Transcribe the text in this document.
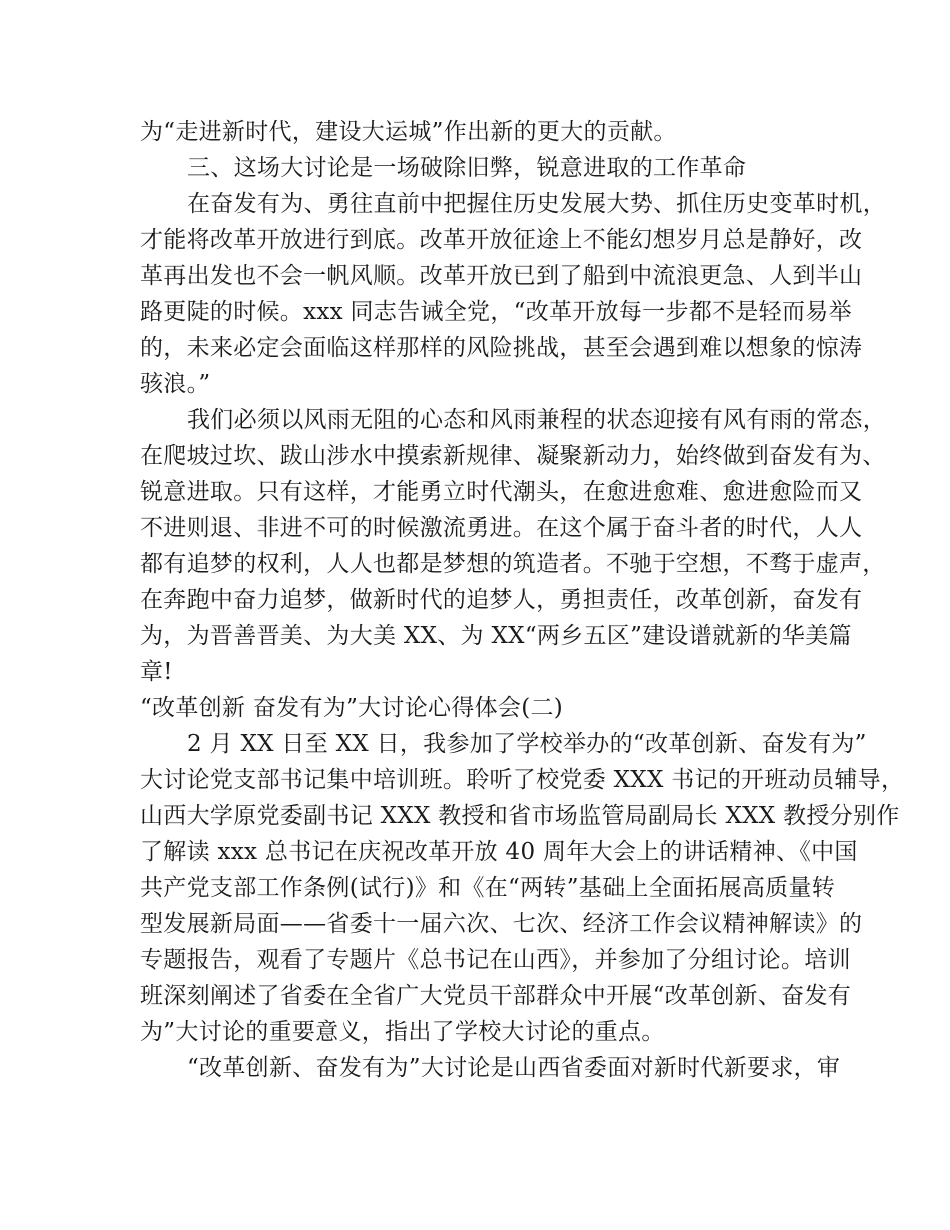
为“走进新时代，建设大运城”作出新的更大的贡献。
三、这场大讨论是一场破除旧弊，锐意进取的工作革命
在奋发有为、勇往直前中把握住历史发展大势、抓住历史变革时机，
才能将改革开放进行到底。改革开放征途上不能幻想岁月总是静好，改
革再出发也不会一帆风顺。改革开放已到了船到中流浪更急、人到半山
路更陡的时候。xxx 同志告诫全党，“改革开放每一步都不是轻而易举
的，未来必定会面临这样那样的风险挑战，甚至会遇到难以想象的惊涛
骇浪。”
我们必须以风雨无阻的心态和风雨兼程的状态迎接有风有雨的常态，
在爬坡过坎、跋山涉水中摸索新规律、凝聚新动力，始终做到奋发有为、
锐意进取。只有这样，才能勇立时代潮头，在愈进愈难、愈进愈险而又
不进则退、非进不可的时候激流勇进。在这个属于奋斗者的时代，人人
都有追梦的权利，人人也都是梦想的筑造者。不驰于空想，不骛于虚声，
在奔跑中奋力追梦，做新时代的追梦人，勇担责任，改革创新，奋发有
为，为晋善晋美、为大美 XX、为 XX“两乡五区”建设谱就新的华美篇
章!
“改革创新 奋发有为”大讨论心得体会(二)
2 月 XX 日至 XX 日，我参加了学校举办的“改革创新、奋发有为”
大讨论党支部书记集中培训班。聆听了校党委 XXX 书记的开班动员辅导，
山西大学原党委副书记 XXX 教授和省市场监管局副局长 XXX 教授分别作
了解读 xxx 总书记在庆祝改革开放 40 周年大会上的讲话精神、《中国
共产党支部工作条例(试行)》和《在“两转”基础上全面拓展高质量转
型发展新局面——省委十一届六次、七次、经济工作会议精神解读》的
专题报告，观看了专题片《总书记在山西》，并参加了分组讨论。培训
班深刻阐述了省委在全省广大党员干部群众中开展“改革创新、奋发有
为”大讨论的重要意义，指出了学校大讨论的重点。
“改革创新、奋发有为”大讨论是山西省委面对新时代新要求，审
